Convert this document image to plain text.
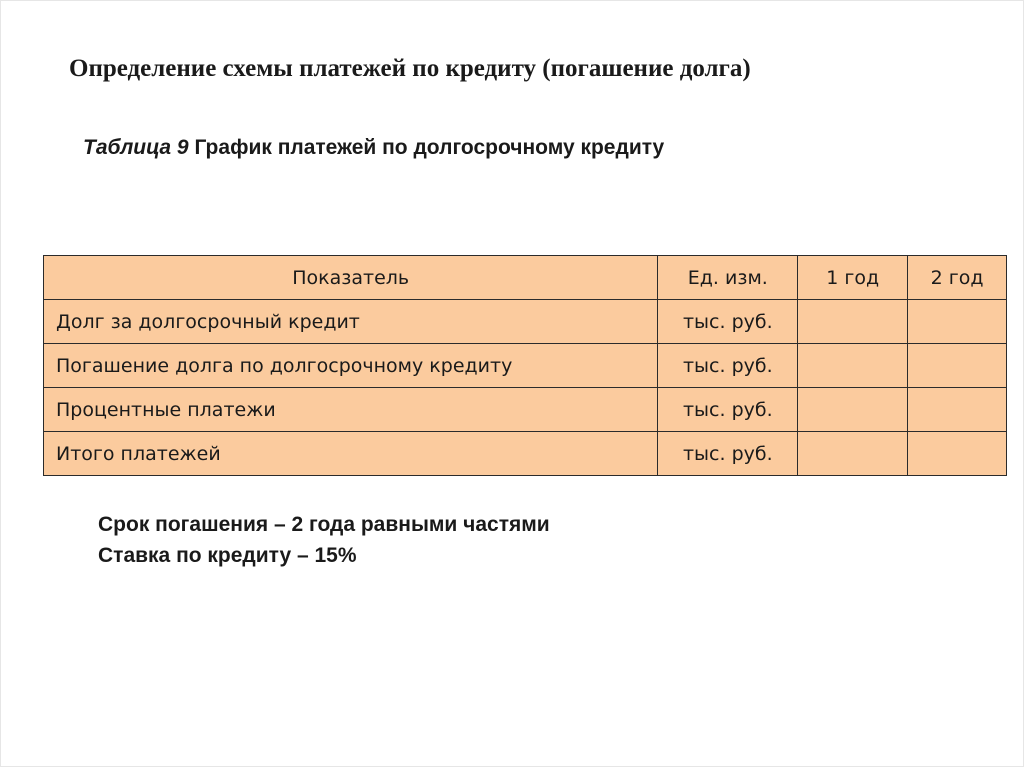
Определение схемы платежей по кредиту (погашение долга)
Таблица 9 График платежей по долгосрочному кредиту
Показатель	Ед. изм.	1 год	2 год
Долг за долгосрочный кредит	тыс. руб.		
Погашение долга по долгосрочному кредиту	тыс. руб.		
Процентные платежи	тыс. руб.		
Итого платежей	тыс. руб.		
Срок погашения – 2 года равными частями
Ставка по кредиту – 15%
